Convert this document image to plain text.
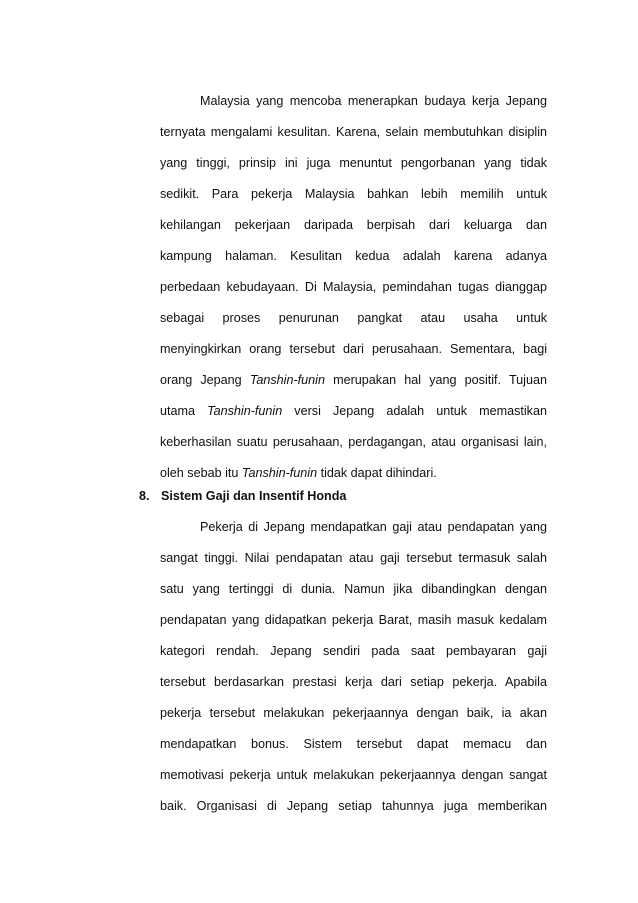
Malaysia yang mencoba menerapkan budaya kerja Jepang
ternyata mengalami kesulitan. Karena, selain membutuhkan disiplin
yang tinggi, prinsip ini juga menuntut pengorbanan yang tidak
sedikit. Para pekerja Malaysia bahkan lebih memilih untuk
kehilangan pekerjaan daripada berpisah dari keluarga dan
kampung halaman. Kesulitan kedua adalah karena adanya
perbedaan kebudayaan. Di Malaysia, pemindahan tugas dianggap
sebagai proses penurunan pangkat atau usaha untuk
menyingkirkan orang tersebut dari perusahaan. Sementara, bagi
orang Jepang Tanshin-funin merupakan hal yang positif. Tujuan
utama Tanshin-funin versi Jepang adalah untuk memastikan
keberhasilan suatu perusahaan, perdagangan, atau organisasi lain,
oleh sebab itu Tanshin-funin tidak dapat dihindari.
8. Sistem Gaji dan Insentif Honda
Pekerja di Jepang mendapatkan gaji atau pendapatan yang
sangat tinggi. Nilai pendapatan atau gaji tersebut termasuk salah
satu yang tertinggi di dunia. Namun jika dibandingkan dengan
pendapatan yang didapatkan pekerja Barat, masih masuk kedalam
kategori rendah. Jepang sendiri pada saat pembayaran gaji
tersebut berdasarkan prestasi kerja dari setiap pekerja. Apabila
pekerja tersebut melakukan pekerjaannya dengan baik, ia akan
mendapatkan bonus. Sistem tersebut dapat memacu dan
memotivasi pekerja untuk melakukan pekerjaannya dengan sangat
baik. Organisasi di Jepang setiap tahunnya juga memberikan
